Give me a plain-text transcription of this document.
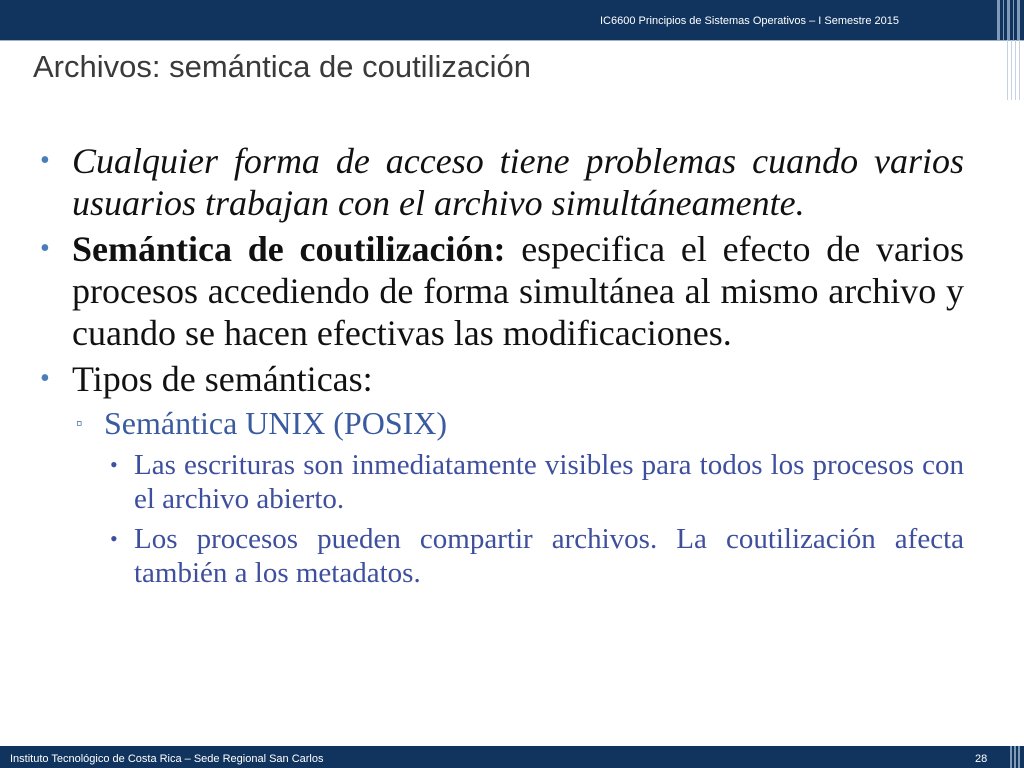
IC6600 Principios de Sistemas Operativos – I Semestre 2015
Archivos: semántica de coutilización
• Cualquier forma de acceso tiene problemas cuando varios usuarios trabajan con el archivo simultáneamente.
• Semántica de coutilización: especifica el efecto de varios procesos accediendo de forma simultánea al mismo archivo y cuando se hacen efectivas las modificaciones.
• Tipos de semánticas:
▫ Semántica UNIX (POSIX)
• Las escrituras son inmediatamente visibles para todos los procesos con el archivo abierto.
• Los procesos pueden compartir archivos. La coutilización afecta también a los metadatos.
Instituto Tecnológico de Costa Rica – Sede Regional San Carlos	28
